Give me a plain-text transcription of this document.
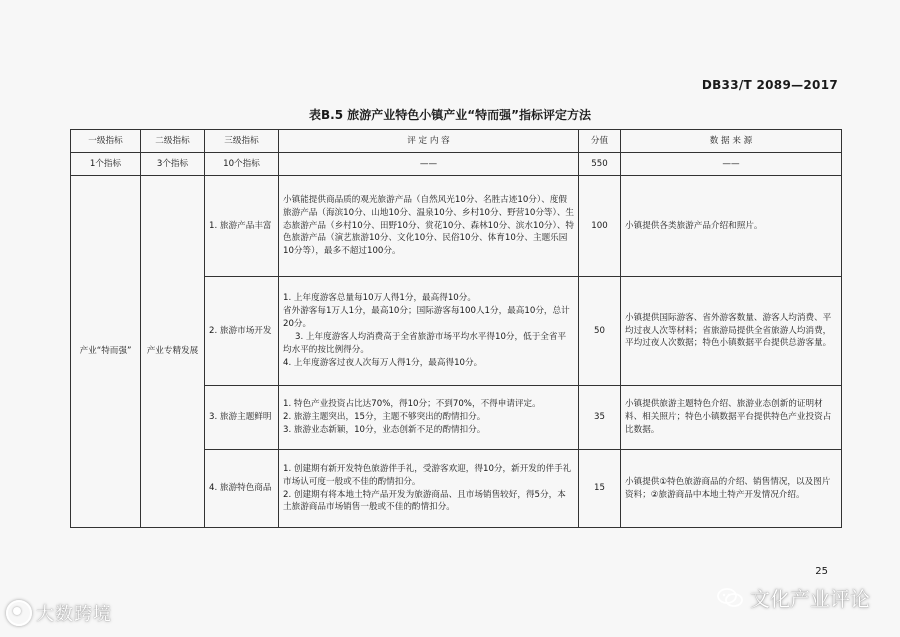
DB33/T 2089—2017
表B.5 旅游产业特色小镇产业“特而强”指标评定方法
一级指标	二级指标	三级指标	评 定 内 容	分值	数 据 来 源
1个指标	3个指标	10个指标	——	550	——
产业“特而强”	产业专精发展	1. 旅游产品丰富	小镇能提供商品质的观光旅游产品（自然风光10分、名胜古迹10分）、度假旅游产品（海滨10分、山地10分、温泉10分、乡村10分、野营10分等）、生态旅游产品（乡村10分、田野10分、赏花10分、森林10分、滨水10分）、特色旅游产品（演艺旅游10分、文化10分、民俗10分、体育10分、主题乐园10分等），最多不超过100分。	100	小镇提供各类旅游产品介绍和照片。
		2. 旅游市场开发	1. 上年度游客总量每10万人得1分，最高得10分。
省外游客每1万人1分，最高10分；国际游客每100人1分，最高10分，总计20分。
3. 上年度游客人均消费高于全省旅游市场平均水平得10分，低于全省平均水平的按比例得分。
4. 上年度游客过夜人次每万人得1分，最高得10分。	50	小镇提供国际游客、省外游客数量、游客人均消费、平均过夜人次等材料；省旅游局提供全省旅游人均消费，平均过夜人次数据；特色小镇数据平台提供总游客量。
		3. 旅游主题鲜明	1. 特色产业投资占比达70%，得10分；不到70%，不得申请评定。
2. 旅游主题突出，15分，主题不够突出的酌情扣分。
3. 旅游业态新颖，10分，业态创新不足的酌情扣分。	35	小镇提供旅游主题特色介绍、旅游业态创新的证明材料、相关照片；特色小镇数据平台提供特色产业投资占比数据。
		4. 旅游特色商品	1. 创建期有新开发特色旅游伴手礼，受游客欢迎，得10分，新开发的伴手礼市场认可度一般或不佳的酌情扣分。
2. 创建期有将本地土特产品开发为旅游商品、且市场销售较好，得5分，本土旅游商品市场销售一般或不佳的酌情扣分。	15	小镇提供①特色旅游商品的介绍、销售情况，以及图片资料；②旅游商品中本地土特产开发情况介绍。
25
大数跨境
文化产业评论
